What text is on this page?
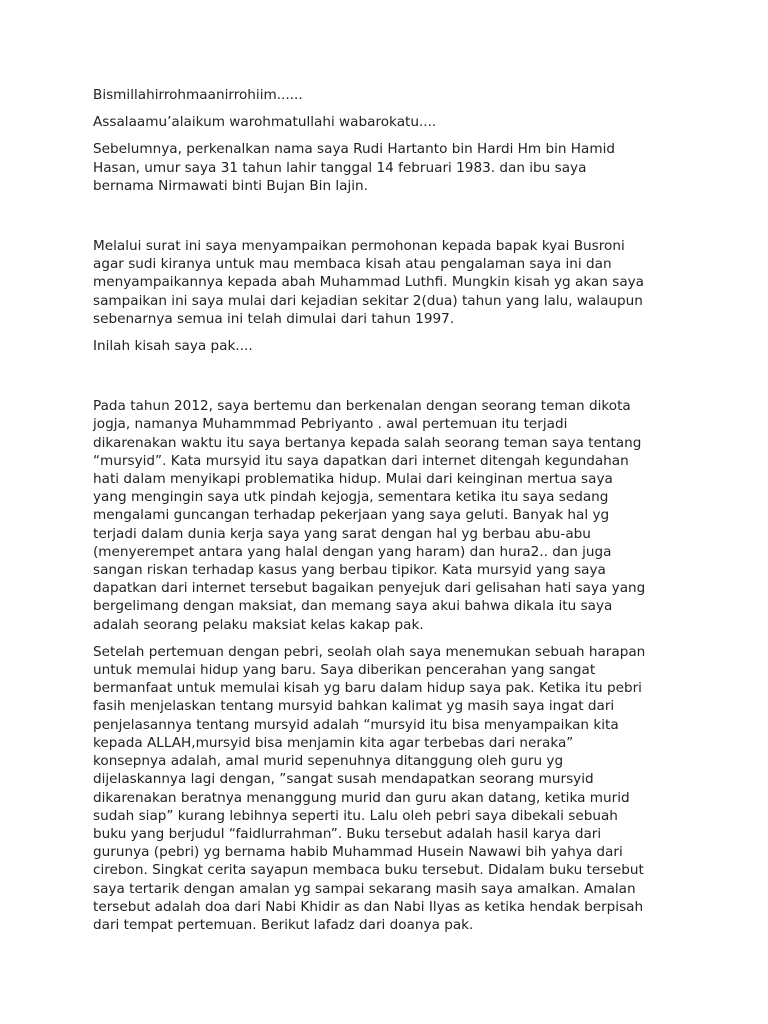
Bismillahirrohmaanirrohiim......
Assalaamu’alaikum warohmatullahi wabarokatu....
Sebelumnya, perkenalkan nama saya Rudi Hartanto bin Hardi Hm bin Hamid
Hasan, umur saya 31 tahun lahir tanggal 14 februari 1983. dan ibu saya
bernama Nirmawati binti Bujan Bin lajin.
Melalui surat ini saya menyampaikan permohonan kepada bapak kyai Busroni
agar sudi kiranya untuk mau membaca kisah atau pengalaman saya ini dan
menyampaikannya kepada abah Muhammad Luthfi. Mungkin kisah yg akan saya
sampaikan ini saya mulai dari kejadian sekitar 2(dua) tahun yang lalu, walaupun
sebenarnya semua ini telah dimulai dari tahun 1997.
Inilah kisah saya pak....
Pada tahun 2012, saya bertemu dan berkenalan dengan seorang teman dikota
jogja, namanya Muhammmad Pebriyanto . awal pertemuan itu terjadi
dikarenakan waktu itu saya bertanya kepada salah seorang teman saya tentang
“mursyid”. Kata mursyid itu saya dapatkan dari internet ditengah kegundahan
hati dalam menyikapi problematika hidup. Mulai dari keinginan mertua saya
yang mengingin saya utk pindah kejogja, sementara ketika itu saya sedang
mengalami guncangan terhadap pekerjaan yang saya geluti. Banyak hal yg
terjadi dalam dunia kerja saya yang sarat dengan hal yg berbau abu-abu
(menyerempet antara yang halal dengan yang haram) dan hura2.. dan juga
sangan riskan terhadap kasus yang berbau tipikor. Kata mursyid yang saya
dapatkan dari internet tersebut bagaikan penyejuk dari gelisahan hati saya yang
bergelimang dengan maksiat, dan memang saya akui bahwa dikala itu saya
adalah seorang pelaku maksiat kelas kakap pak.
Setelah pertemuan dengan pebri, seolah olah saya menemukan sebuah harapan
untuk memulai hidup yang baru. Saya diberikan pencerahan yang sangat
bermanfaat untuk memulai kisah yg baru dalam hidup saya pak. Ketika itu pebri
fasih menjelaskan tentang mursyid bahkan kalimat yg masih saya ingat dari
penjelasannya tentang mursyid adalah “mursyid itu bisa menyampaikan kita
kepada ALLAH,mursyid bisa menjamin kita agar terbebas dari neraka”
konsepnya adalah, amal murid sepenuhnya ditanggung oleh guru yg
dijelaskannya lagi dengan, ”sangat susah mendapatkan seorang mursyid
dikarenakan beratnya menanggung murid dan guru akan datang, ketika murid
sudah siap” kurang lebihnya seperti itu. Lalu oleh pebri saya dibekali sebuah
buku yang berjudul “faidlurrahman”. Buku tersebut adalah hasil karya dari
gurunya (pebri) yg bernama habib Muhammad Husein Nawawi bih yahya dari
cirebon. Singkat cerita sayapun membaca buku tersebut. Didalam buku tersebut
saya tertarik dengan amalan yg sampai sekarang masih saya amalkan. Amalan
tersebut adalah doa dari Nabi Khidir as dan Nabi Ilyas as ketika hendak berpisah
dari tempat pertemuan. Berikut lafadz dari doanya pak.
